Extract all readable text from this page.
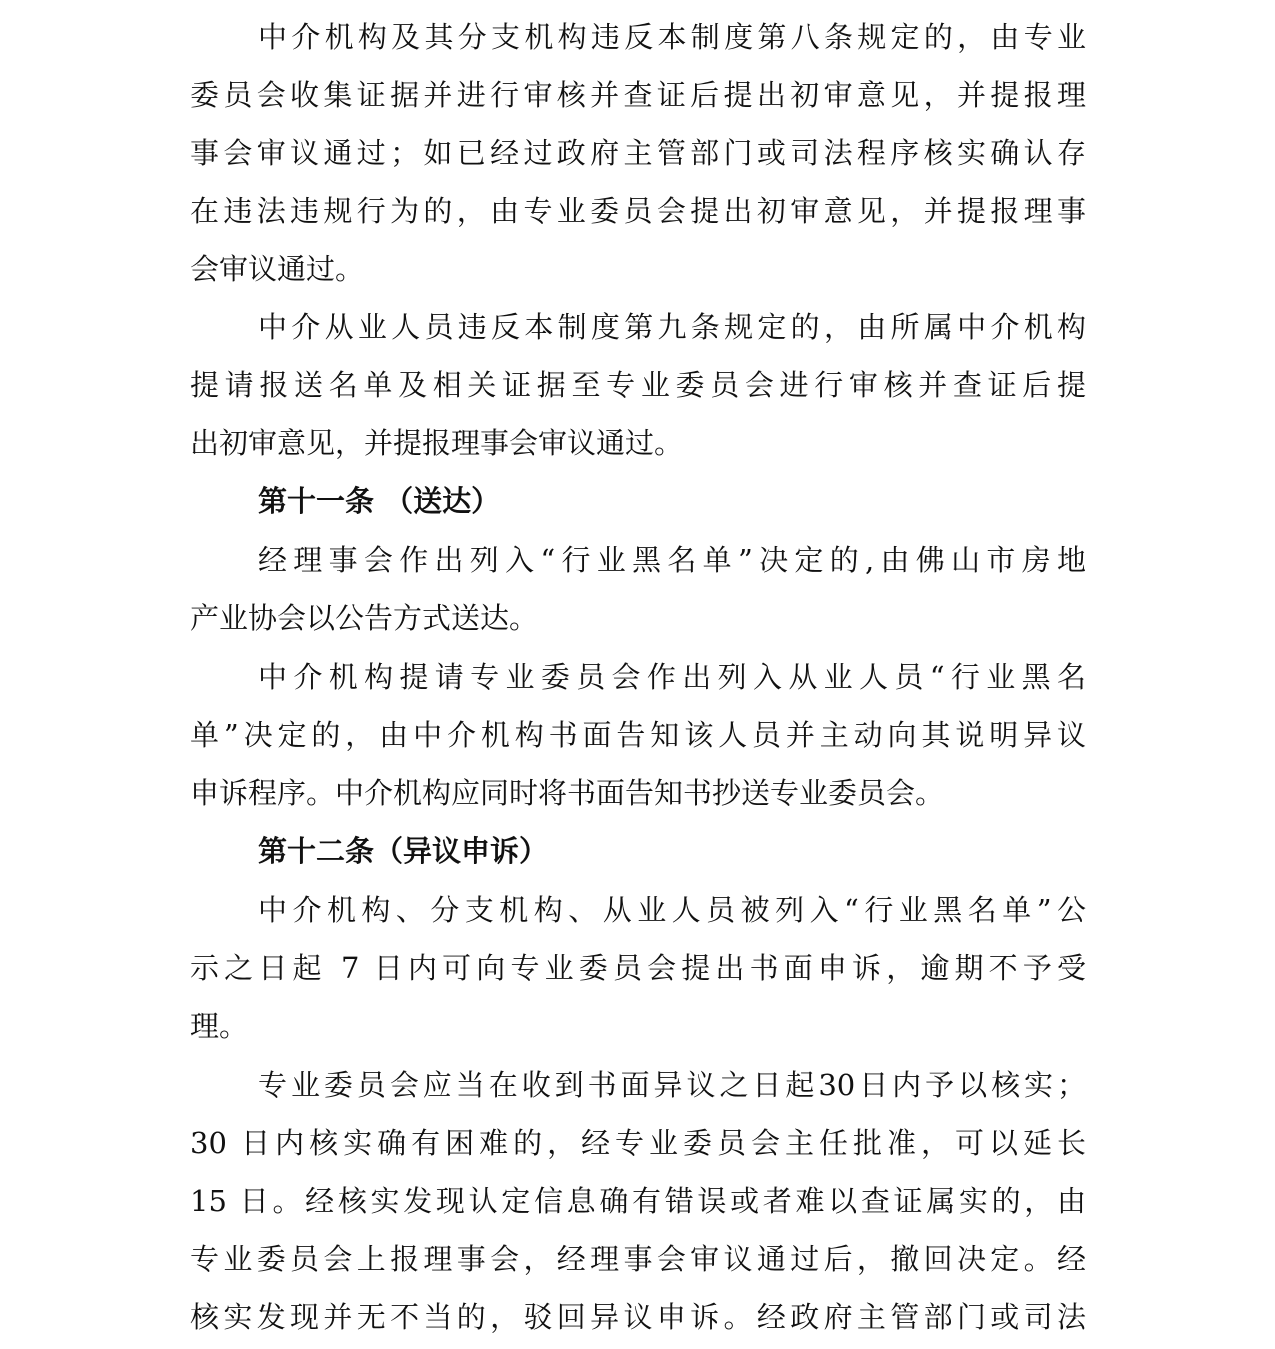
中介机构及其分支机构违反本制度第八条规定的，由专业
委员会收集证据并进行审核并查证后提出初审意见，并提报理
事会审议通过；如已经过政府主管部门或司法程序核实确认存
在违法违规行为的，由专业委员会提出初审意见，并提报理事
会审议通过。
中介从业人员违反本制度第九条规定的，由所属中介机构
提请报送名单及相关证据至专业委员会进行审核并查证后提
出初审意见，并提报理事会审议通过。
第十一条 （送达）
经理事会作出列入“行业黑名单”决定的,由佛山市房地
产业协会以公告方式送达。
中介机构提请专业委员会作出列入从业人员“行业黑名
单”决定的，由中介机构书面告知该人员并主动向其说明异议
申诉程序。中介机构应同时将书面告知书抄送专业委员会。
第十二条（异议申诉）
中介机构、分支机构、从业人员被列入“行业黑名单”公
示之日起 7 日内可向专业委员会提出书面申诉，逾期不予受
理。
专业委员会应当在收到书面异议之日起30日内予以核实；
30 日内核实确有困难的，经专业委员会主任批准，可以延长
15 日。经核实发现认定信息确有错误或者难以查证属实的，由
专业委员会上报理事会，经理事会审议通过后，撤回决定。经
核实发现并无不当的，驳回异议申诉。经政府主管部门或司法
